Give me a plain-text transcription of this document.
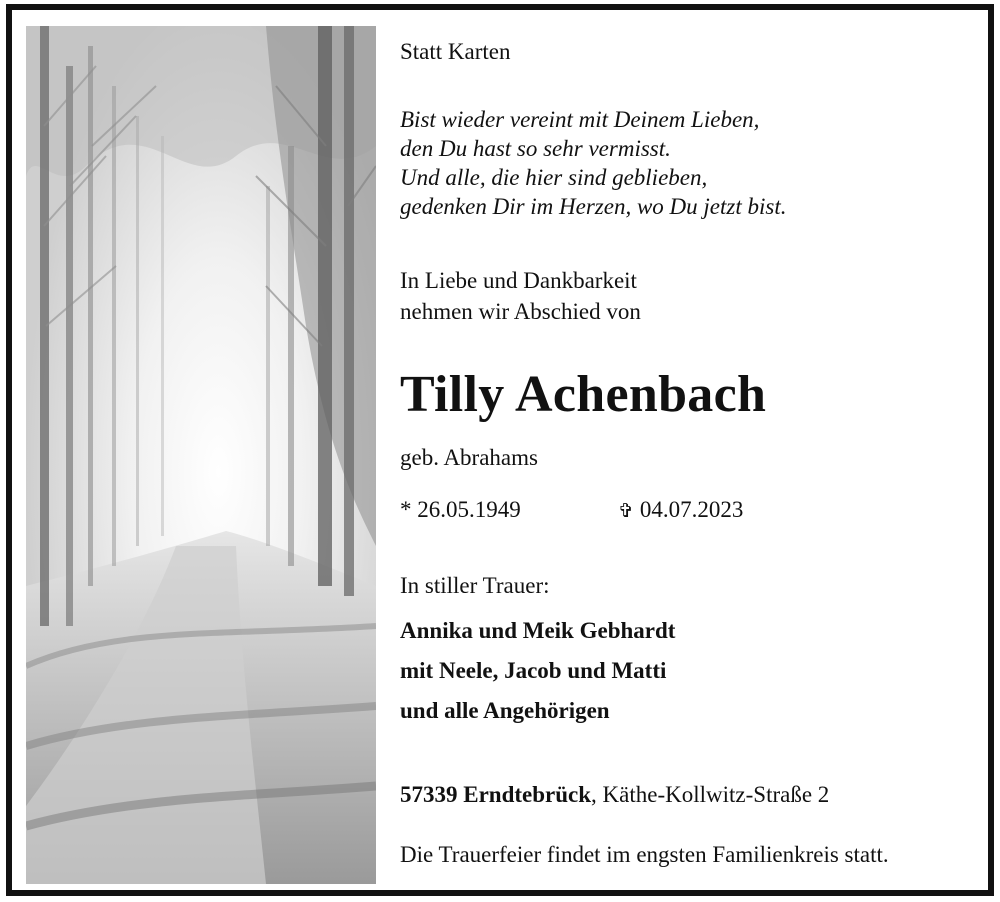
Statt Karten
Bist wieder vereint mit Deinem Lieben,
den Du hast so sehr vermisst.
Und alle, die hier sind geblieben,
gedenken Dir im Herzen, wo Du jetzt bist.
In Liebe und Dankbarkeit
nehmen wir Abschied von
Tilly Achenbach
geb. Abrahams
* 26.05.1949	✞ 04.07.2023
In stiller Trauer:
Annika und Meik Gebhardt
mit Neele, Jacob und Matti
und alle Angehörigen
57339 Erndtebrück, Käthe-Kollwitz-Straße 2
Die Trauerfeier findet im engsten Familienkreis statt.
